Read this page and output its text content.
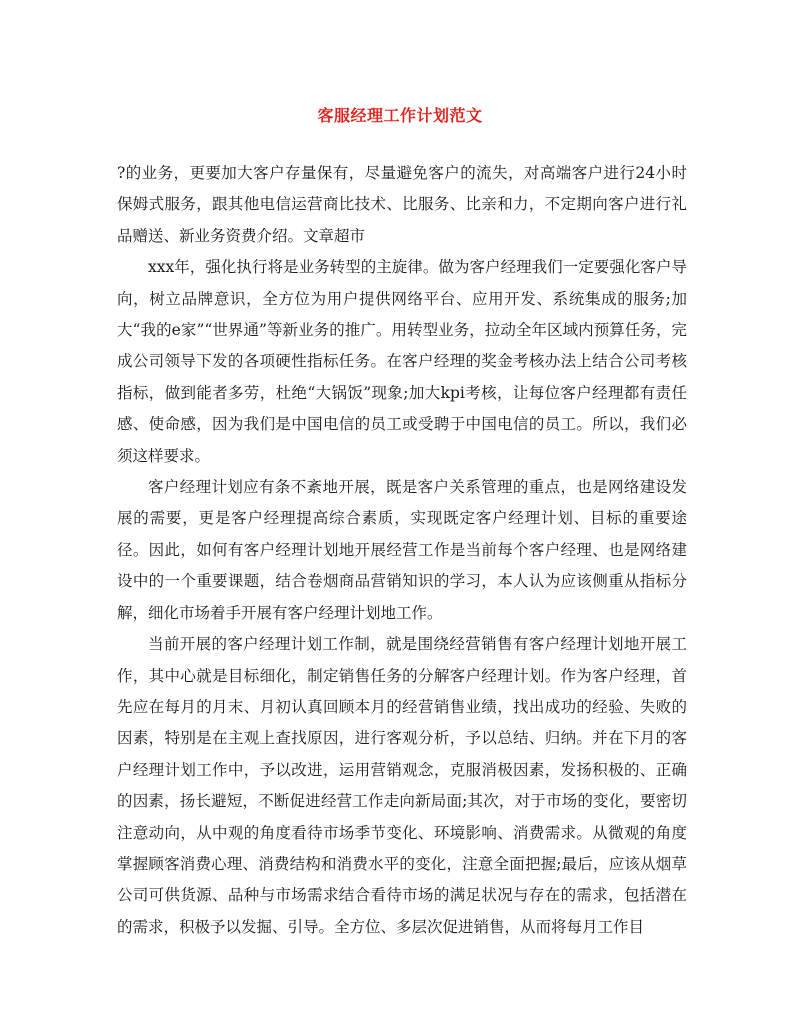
客服经理工作计划范文

?的业务，更要加大客户存量保有，尽量避免客户的流失，对高端客户进行24小时保姆式服务，跟其他电信运营商比技术、比服务、比亲和力，不定期向客户进行礼品赠送、新业务资费介绍。文章超市

xxx年，强化执行将是业务转型的主旋律。做为客户经理我们一定要强化客户导向，树立品牌意识，全方位为用户提供网络平台、应用开发、系统集成的服务;加大“我的e家”“世界通”等新业务的推广。用转型业务，拉动全年区域内预算任务，完成公司领导下发的各项硬性指标任务。在客户经理的奖金考核办法上结合公司考核指标，做到能者多劳，杜绝“大锅饭”现象;加大kpi考核，让每位客户经理都有责任感、使命感，因为我们是中国电信的员工或受聘于中国电信的员工。所以，我们必须这样要求。

客户经理计划应有条不紊地开展，既是客户关系管理的重点，也是网络建设发展的需要，更是客户经理提高综合素质，实现既定客户经理计划、目标的重要途径。因此，如何有客户经理计划地开展经营工作是当前每个客户经理、也是网络建设中的一个重要课题，结合卷烟商品营销知识的学习，本人认为应该侧重从指标分解，细化市场着手开展有客户经理计划地工作。

当前开展的客户经理计划工作制，就是围绕经营销售有客户经理计划地开展工作，其中心就是目标细化，制定销售任务的分解客户经理计划。作为客户经理，首先应在每月的月末、月初认真回顾本月的经营销售业绩，找出成功的经验、失败的因素，特别是在主观上查找原因，进行客观分析，予以总结、归纳。并在下月的客户经理计划工作中，予以改进，运用营销观念，克服消极因素，发扬积极的、正确的因素，扬长避短，不断促进经营工作走向新局面;其次，对于市场的变化，要密切注意动向，从中观的角度看待市场季节变化、环境影响、消费需求。从微观的角度掌握顾客消费心理、消费结构和消费水平的变化，注意全面把握;最后，应该从烟草公司可供货源、品种与市场需求结合看待市场的满足状况与存在的需求，包括潜在的需求，积极予以发掘、引导。全方位、多层次促进销售，从而将每月工作目
